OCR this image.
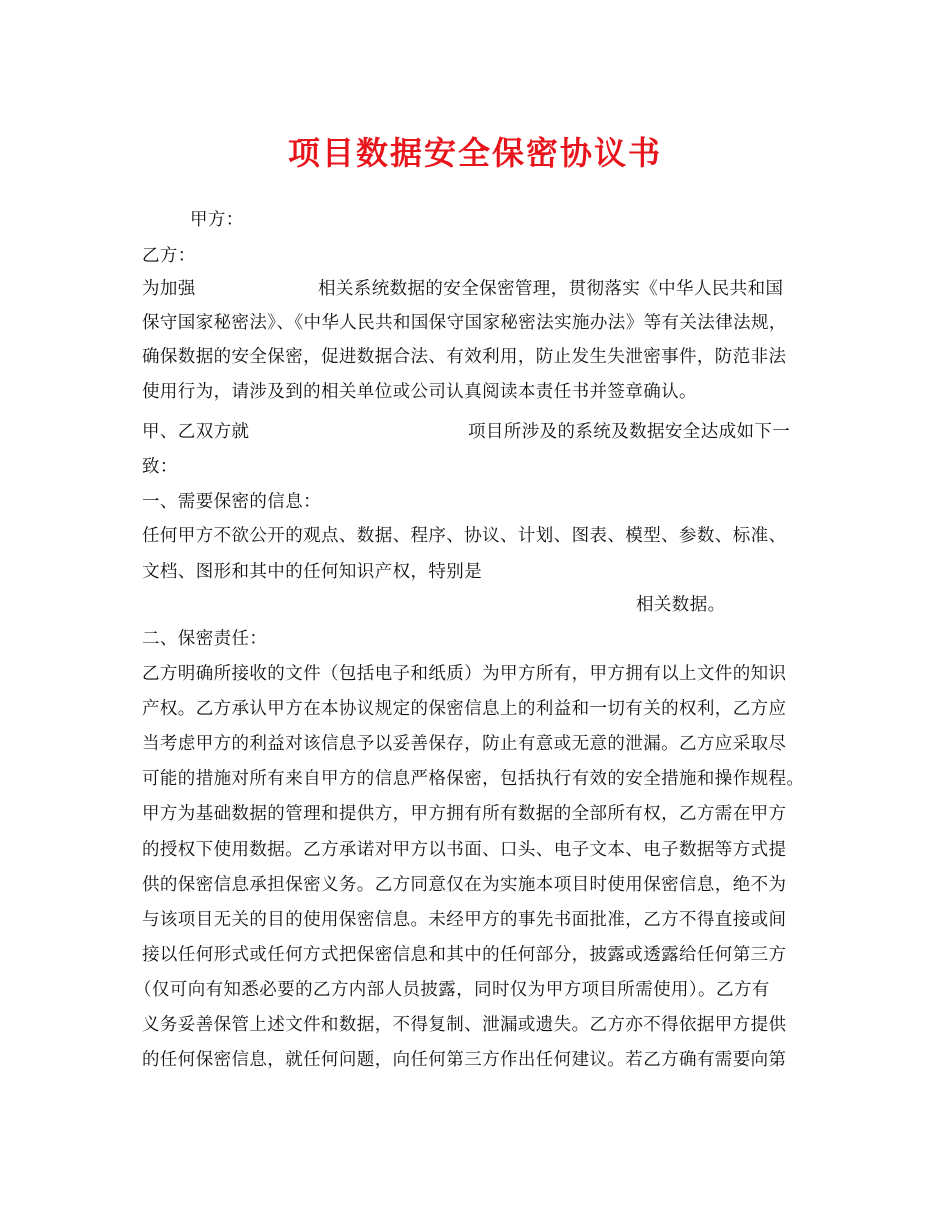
项目数据安全保密协议书
甲方：
乙方：
为加强	相关系统数据的安全保密管理，贯彻落实《中华人民共和国
保守国家秘密法》、《中华人民共和国保守国家秘密法实施办法》等有关法律法规，
确保数据的安全保密，促进数据合法、有效利用，防止发生失泄密事件，防范非法
使用行为，请涉及到的相关单位或公司认真阅读本责任书并签章确认。
甲、乙双方就	项目所涉及的系统及数据安全达成如下一
致：
一、需要保密的信息：
任何甲方不欲公开的观点、数据、程序、协议、计划、图表、模型、参数、标准、
文档、图形和其中的任何知识产权，特别是
相关数据。
二、保密责任：
乙方明确所接收的文件（包括电子和纸质）为甲方所有，甲方拥有以上文件的知识
产权。乙方承认甲方在本协议规定的保密信息上的利益和一切有关的权利，乙方应
当考虑甲方的利益对该信息予以妥善保存，防止有意或无意的泄漏。乙方应采取尽
可能的措施对所有来自甲方的信息严格保密，包括执行有效的安全措施和操作规程。
甲方为基础数据的管理和提供方，甲方拥有所有数据的全部所有权，乙方需在甲方
的授权下使用数据。乙方承诺对甲方以书面、口头、电子文本、电子数据等方式提
供的保密信息承担保密义务。乙方同意仅在为实施本项目时使用保密信息，绝不为
与该项目无关的目的使用保密信息。未经甲方的事先书面批准，乙方不得直接或间
接以任何形式或任何方式把保密信息和其中的任何部分，披露或透露给任何第三方
（仅可向有知悉必要的乙方内部人员披露，同时仅为甲方项目所需使用）。乙方有
义务妥善保管上述文件和数据，不得复制、泄漏或遗失。乙方亦不得依据甲方提供
的任何保密信息，就任何问题，向任何第三方作出任何建议。若乙方确有需要向第
